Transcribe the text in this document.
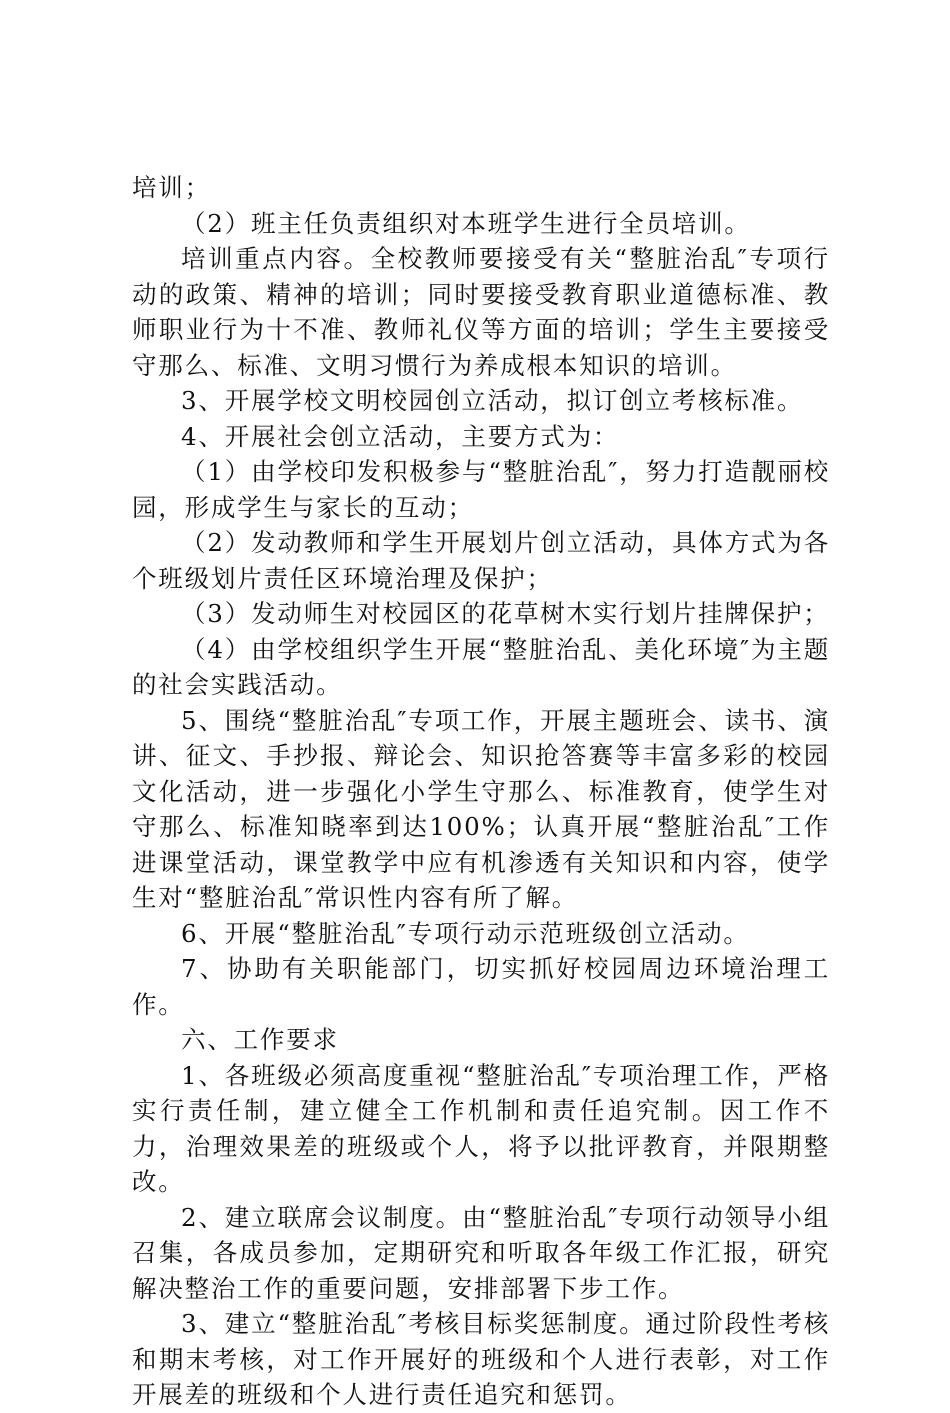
培训；

（2）班主任负责组织对本班学生进行全员培训。

培训重点内容。全校教师要接受有关“整脏治乱″专项行动的政策、精神的培训；同时要接受教育职业道德标准、教师职业行为十不准、教师礼仪等方面的培训；学生主要接受守那么、标准、文明习惯行为养成根本知识的培训。

3、开展学校文明校园创立活动，拟订创立考核标准。

4、开展社会创立活动，主要方式为：

（1）由学校印发积极参与“整脏治乱″，努力打造靓丽校园，形成学生与家长的互动；

（2）发动教师和学生开展划片创立活动，具体方式为各个班级划片责任区环境治理及保护；

（3）发动师生对校园区的花草树木实行划片挂牌保护；

（4）由学校组织学生开展“整脏治乱、美化环境″为主题的社会实践活动。

5、围绕“整脏治乱″专项工作，开展主题班会、读书、演讲、征文、手抄报、辩论会、知识抢答赛等丰富多彩的校园文化活动，进一步强化小学生守那么、标准教育，使学生对守那么、标准知晓率到达100%；认真开展“整脏治乱″工作进课堂活动，课堂教学中应有机渗透有关知识和内容，使学生对“整脏治乱″常识性内容有所了解。

6、开展“整脏治乱″专项行动示范班级创立活动。

7、协助有关职能部门，切实抓好校园周边环境治理工作。

六、工作要求

1、各班级必须高度重视“整脏治乱″专项治理工作，严格实行责任制，建立健全工作机制和责任追究制。因工作不力，治理效果差的班级或个人，将予以批评教育，并限期整改。

2、建立联席会议制度。由“整脏治乱″专项行动领导小组召集，各成员参加，定期研究和听取各年级工作汇报，研究解决整治工作的重要问题，安排部署下步工作。

3、建立“整脏治乱″考核目标奖惩制度。通过阶段性考核和期末考核，对工作开展好的班级和个人进行表彰，对工作开展差的班级和个人进行责任追究和惩罚。
